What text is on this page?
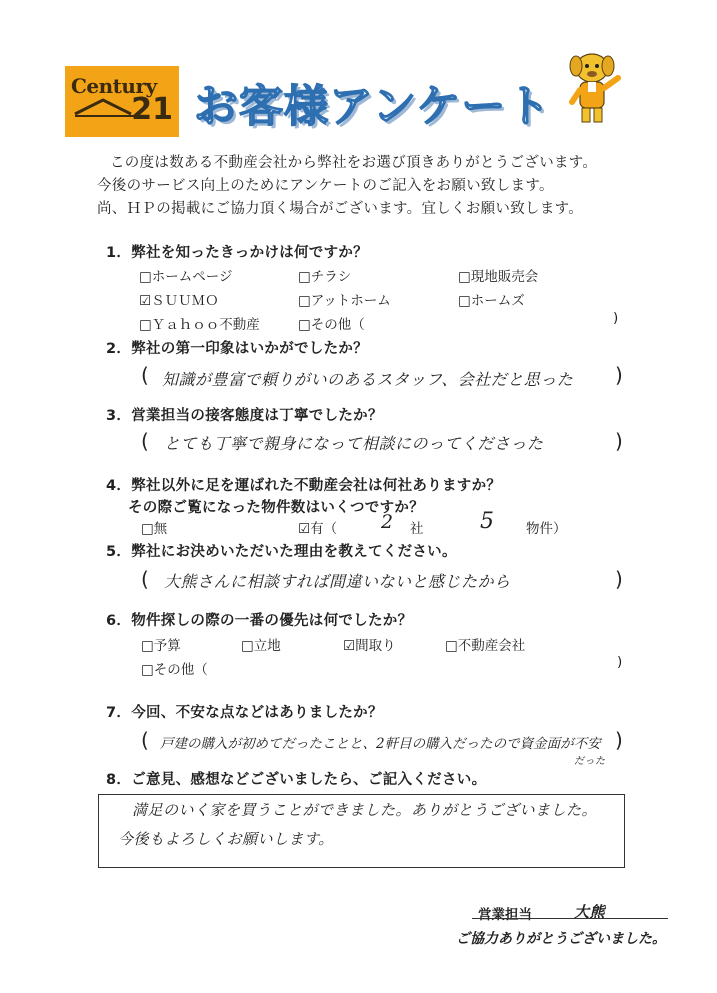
Century
21 お客様アンケート
この度は数ある不動産会社から弊社をお選び頂きありがとうございます。
今後のサービス向上のためにアンケートのご記入をお願い致します。
尚、ＨＰの掲載にご協力頂く場合がございます。宜しくお願い致します。
1．弊社を知ったきっかけは何ですか？
□ホームページ	□チラシ	□現地販売会
☑ＳＵＵＭＯ	□アットホーム	□ホームズ
□Ｙａｈｏｏ不動産	□その他（	)
2．弊社の第一印象はいかがでしたか？
( 知識が豊富で頼りがいのあるスタッフ、会社だと思った )
3．営業担当の接客態度は丁寧でしたか？
( とても丁寧で親身になって相談にのってくださった	)
4．弊社以外に足を運ばれた不動産会社は何社ありますか？
その際ご覧になった物件数はいくつですか？
□無	☑有（ 2 社	5 物件）
5．弊社にお決めいただいた理由を教えてください。
( 大熊さんに相談すれば間違いないと感じたから	)
6．物件探しの際の一番の優先は何でしたか？
□予算	□立地	☑間取り	□不動産会社
□その他（	)
7．今回、不安な点などはありましたか？
( 戸建の購入が初めてだったことと、2軒目の購入だったので資金面が不安
だった
)
8．ご意見、感想などございましたら、ご記入ください。
満足のいく家を買うことができました。ありがとうございました。
今後もよろしくお願いします。
営業担当	大熊
ご協力ありがとうございました。
